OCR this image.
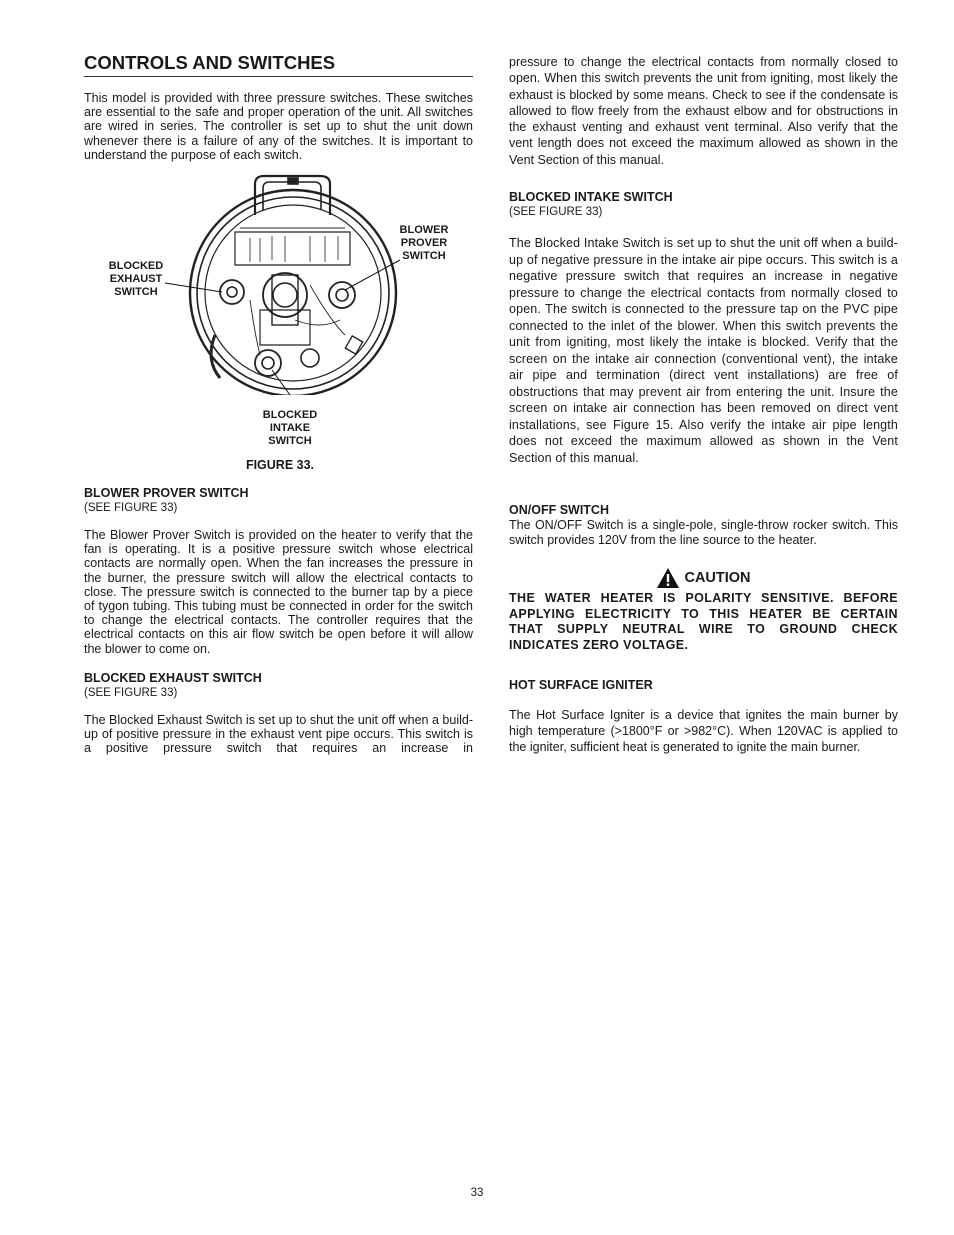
CONTROLS AND SWITCHES
This model is provided with three pressure switches. These switches are essential to the safe and proper operation of the unit. All switches are wired in series. The controller is set up to shut the unit down whenever there is a failure of any of the switches. It is important to understand the purpose of each switch.
BLOWER PROVER SWITCH
BLOCKED EXHAUST SWITCH
BLOCKED INTAKE SWITCH
FIGURE 33.
BLOWER PROVER SWITCH
(SEE FIGURE 33)
The Blower Prover Switch is provided on the heater to verify that the fan is operating. It is a positive pressure switch whose electrical contacts are normally open. When the fan increases the pressure in the burner, the pressure switch will allow the electrical contacts to close. The pressure switch is connected to the burner tap by a piece of tygon tubing. This tubing must be connected in order for the switch to change the electrical contacts. The controller requires that the electrical contacts on this air flow switch be open before it will allow the blower to come on.
BLOCKED EXHAUST SWITCH
(SEE FIGURE 33)
The Blocked Exhaust Switch is set up to shut the unit off when a build-up of positive pressure in the exhaust vent pipe occurs. This switch is a positive pressure switch that requires an increase in
pressure to change the electrical contacts from normally closed to open. When this switch prevents the unit from igniting, most likely the exhaust is blocked by some means. Check to see if the condensate is allowed to flow freely from the exhaust elbow and for obstructions in the exhaust venting and exhaust vent terminal. Also verify that the vent length does not exceed the maximum allowed as shown in the Vent Section of this manual.
BLOCKED INTAKE SWITCH
(SEE FIGURE 33)
The Blocked Intake Switch is set up to shut the unit off when a build-up of negative pressure in the intake air pipe occurs. This switch is a negative pressure switch that requires an increase in negative pressure to change the electrical contacts from normally closed to open. The switch is connected to the pressure tap on the PVC pipe connected to the inlet of the blower. When this switch prevents the unit from igniting, most likely the intake is blocked. Verify that the screen on the intake air connection (conventional vent), the intake air pipe and termination (direct vent installations) are free of obstructions that may prevent air from entering the unit. Insure the screen on intake air connection has been removed on direct vent installations, see Figure 15. Also verify the intake air pipe length does not exceed the maximum allowed as shown in the Vent Section of this manual.
ON/OFF SWITCH
The ON/OFF Switch is a single-pole, single-throw rocker switch. This switch provides 120V from the line source to the heater.
CAUTION
THE WATER HEATER IS POLARITY SENSITIVE. BEFORE APPLYING ELECTRICITY TO THIS HEATER BE CERTAIN THAT SUPPLY NEUTRAL WIRE TO GROUND CHECK INDICATES ZERO VOLTAGE.
HOT SURFACE IGNITER
The Hot Surface Igniter is a device that ignites the main burner by high temperature (>1800°F or >982°C). When 120VAC is applied to the igniter, sufficient heat is generated to ignite the main burner.
33
